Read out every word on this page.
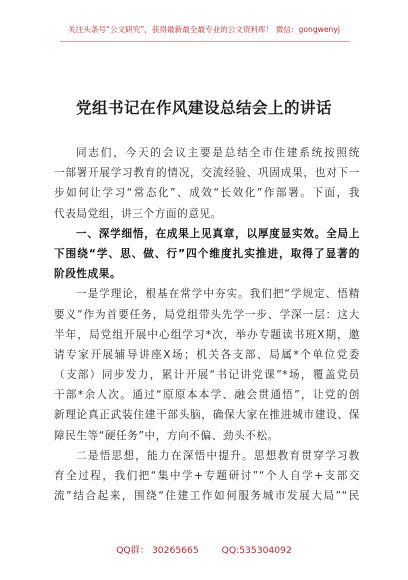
关注头条号“公文研究”，获得最新最全最专业的公文资料库！ 微信：gongwenyj
党组书记在作风建设总结会上的讲话
同志们，今天的会议主要是总结全市住建系统按照统
一部署开展学习教育的情况，交流经验、巩固成果，也对下一
步如何让学习“常态化”、成效“长效化”作部署。下面，我
代表局党组，讲三个方面的意见。
一、深学细悟，在成果上见真章，以厚度显实效。全局上
下围绕“学、思、做、行”四个维度扎实推进，取得了显著的
阶段性成果。
一是学理论，根基在常学中夯实。我们把“学规定、悟精
要义”作为首要任务，局党组带头先学一步、学深一层：这大
半年，局党组开展中心组学习*次，举办专题读书班X期，邀
请专家开展辅导讲座X场；机关各支部、局属*个单位党委
（支部）同步发力，累计开展“书记讲党课”*场，覆盖党员
干部*余人次。通过“原原本本学、融会贯通悟”，让党的创
新理论真正武装住建干部头脑，确保大家在推进城市建设、保
障民生等“硬任务”中，方向不偏、劲头不松。
二是悟思想，能力在深悟中提升。思想教育贯穿学习教
育全过程，我们把“集中学+专题研讨”“个人自学+支部交
流”结合起来，围绕“住建工作如何服务城市发展大局”“民
QQ群： 30265665 QQ:535304092
